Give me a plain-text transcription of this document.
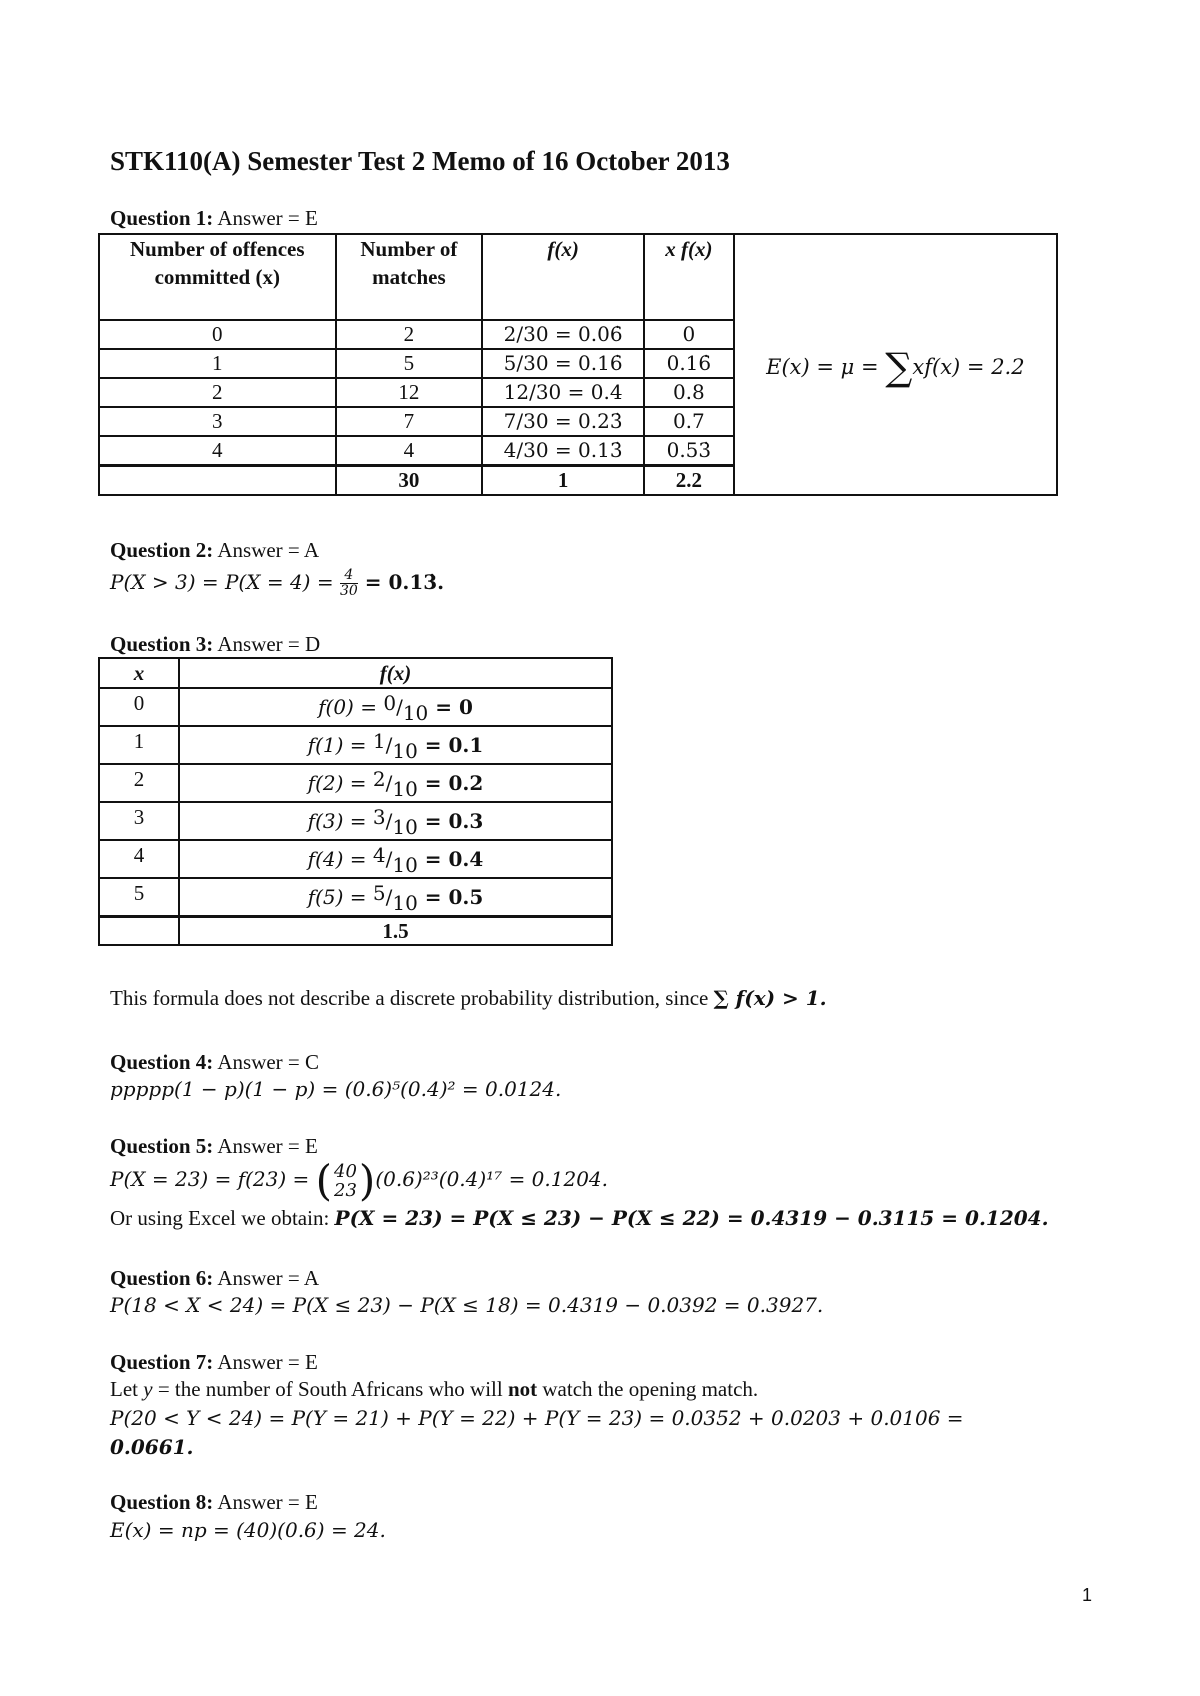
STK110(A) Semester Test 2 Memo of 16 October 2013
Question 1: Answer = E
Number of offences committed (x)	Number of matches	f(x)	x f(x)	E(x) = μ = ∑xf(x) = 2.2
0	2	2/30 = 0.06̇	0	
1	5	5/30 = 0.16̇	0.16̇	
2	12	12/30 = 0.4	0.8	
3	7	7/30 = 0.23̇	0.7	
4	4	4/30 = 0.13̇	0.53̇	
	30	1	2.2	
Question 2: Answer = A
$P(X > 3) = P(X = 4) = \frac{4}{30}$ = 0.13̇.
Question 3: Answer = D
x	f(x)
0	$f(0) = ^0/_{10} = 0$
1	$f(1) = ^1/_{10} = 0.1$
2	$f(2) = ^2/_{10} = 0.2$
3	$f(3) = ^3/_{10} = 0.3$
4	$f(4) = ^4/_{10} = 0.4$
5	$f(5) = ^5/_{10} = 0.5$
	1.5
This formula does not describe a discrete probability distribution, since ∑ f(x) > 1.
Question 4: Answer = C
ppppp(1 − p)(1 − p) = (0.6)⁵(0.4)² = 0.0124.
Question 5: Answer = E
P(X = 23) = f(23) = ( 40
23 )(0.6)²³(0.4)¹⁷ = 0.1204.
Or using Excel we obtain: P(X = 23) = P(X ≤ 23) − P(X ≤ 22) = 0.4319 − 0.3115 = 0.1204.
Question 6: Answer = A
P(18 < X < 24) = P(X ≤ 23) − P(X ≤ 18) = 0.4319 − 0.0392 = 0.3927.
Question 7: Answer = E
Let y = the number of South Africans who will not watch the opening match.
P(20 < Y < 24) = P(Y = 21) + P(Y = 22) + P(Y = 23) = 0.0352 + 0.0203 + 0.0106 =
0.0661.
Question 8: Answer = E
E(x) = np = (40)(0.6) = 24.
1
